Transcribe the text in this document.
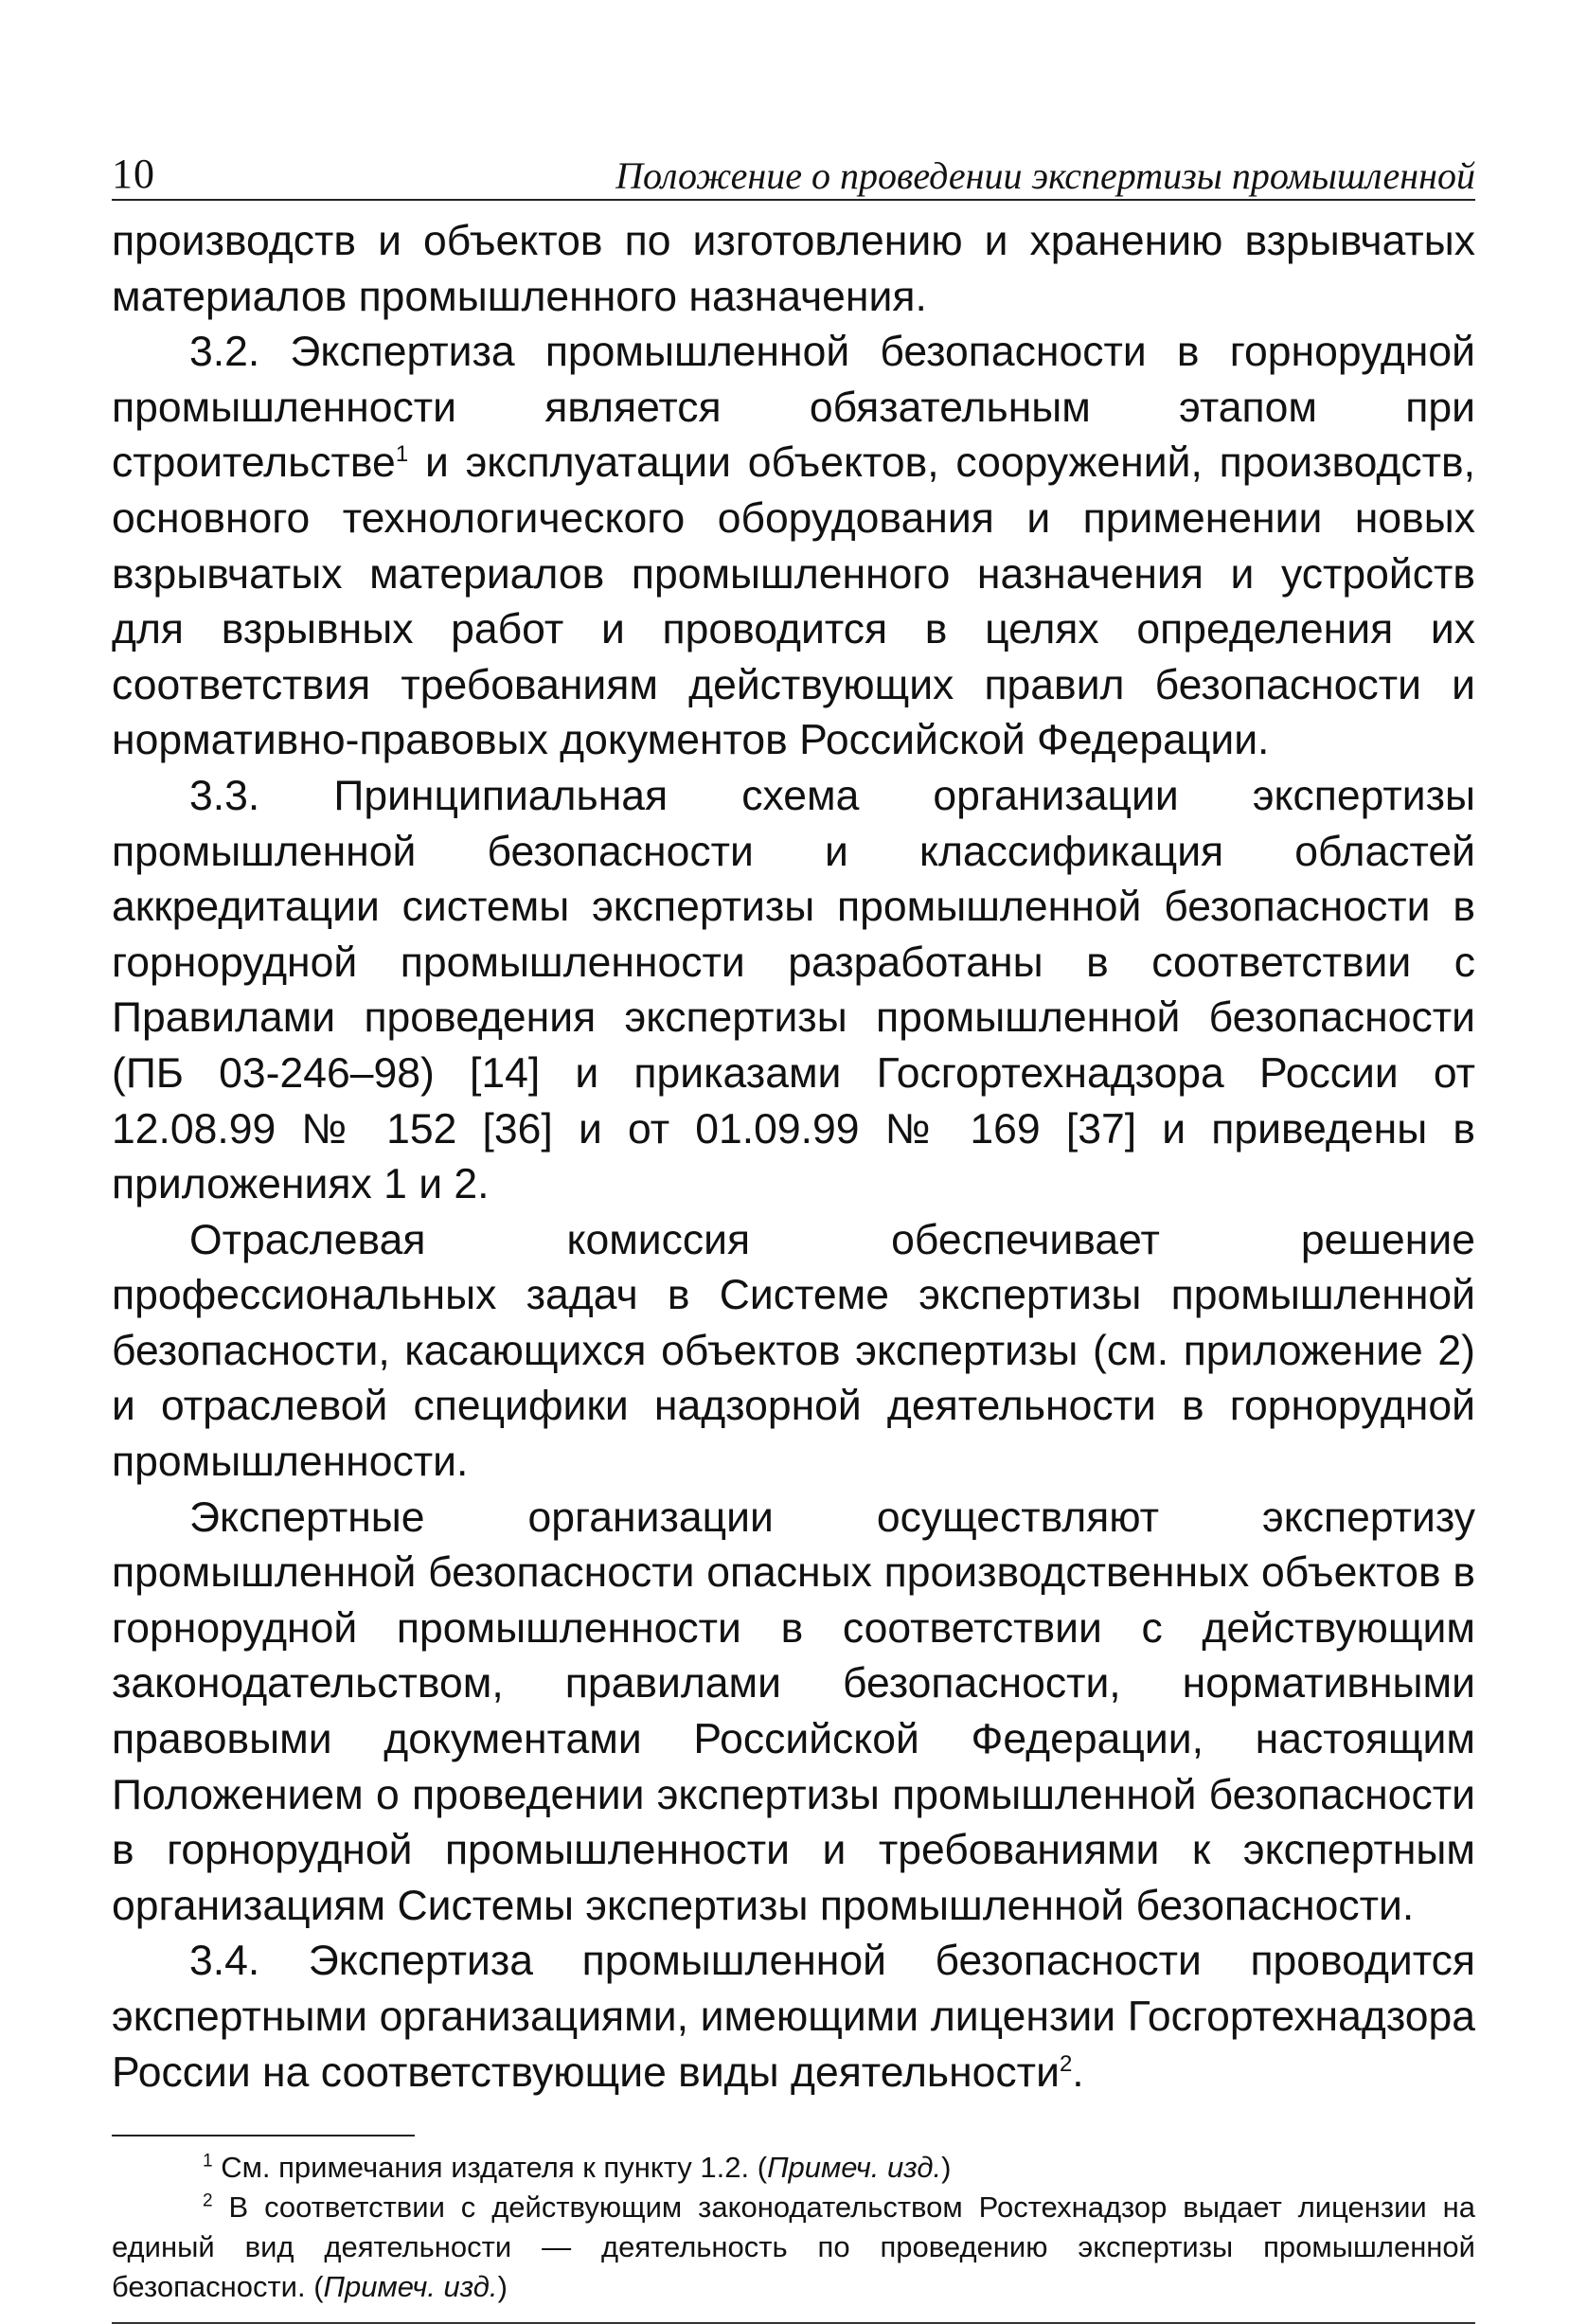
10	Положение о проведении экспертизы промышленной

производств и объектов по изготовлению и хранению взрывчатых материалов промышленного назначения.

3.2. Экспертиза промышленной безопасности в горнорудной промышленности является обязательным этапом при строительстве$^1$ и эксплуатации объектов, сооружений, производств, основного технологического оборудования и применении новых взрывчатых материалов промышленного назначения и устройств для взрывных работ и проводится в целях определения их соответствия требованиям действующих правил безопасности и нормативно-правовых документов Российской Федерации.

3.3. Принципиальная схема организации экспертизы промышленной безопасности и классификация областей аккредитации системы экспертизы промышленной безопасности в горнорудной промышленности разработаны в соответствии с Правилами проведения экспертизы промышленной безопасности (ПБ 03-246–98) [14] и приказами Госгортехнадзора России от 12.08.99 № 152 [36] и от 01.09.99 № 169 [37] и приведены в приложениях 1 и 2.

Отраслевая комиссия обеспечивает решение профессиональных задач в Системе экспертизы промышленной безопасности, касающихся объектов экспертизы (см. приложение 2) и отраслевой специфики надзорной деятельности в горнорудной промышленности.

Экспертные организации осуществляют экспертизу промышленной безопасности опасных производственных объектов в горнорудной промышленности в соответствии с действующим законодательством, правилами безопасности, нормативными правовыми документами Российской Федерации, настоящим Положением о проведении экспертизы промышленной безопасности в горнорудной промышленности и требованиями к экспертным организациям Системы экспертизы промышленной безопасности.

3.4. Экспертиза промышленной безопасности проводится экспертными организациями, имеющими лицензии Госгортехнадзора России на соответствующие виды деятельности$^2$.

$^1$ См. примечания издателя к пункту 1.2. (Примеч. изд.)

$^2$ В соответствии с действующим законодательством Ростехнадзор выдает лицензии на единый вид деятельности — деятельность по проведению экспертизы промышленной безопасности. (Примеч. изд.)
